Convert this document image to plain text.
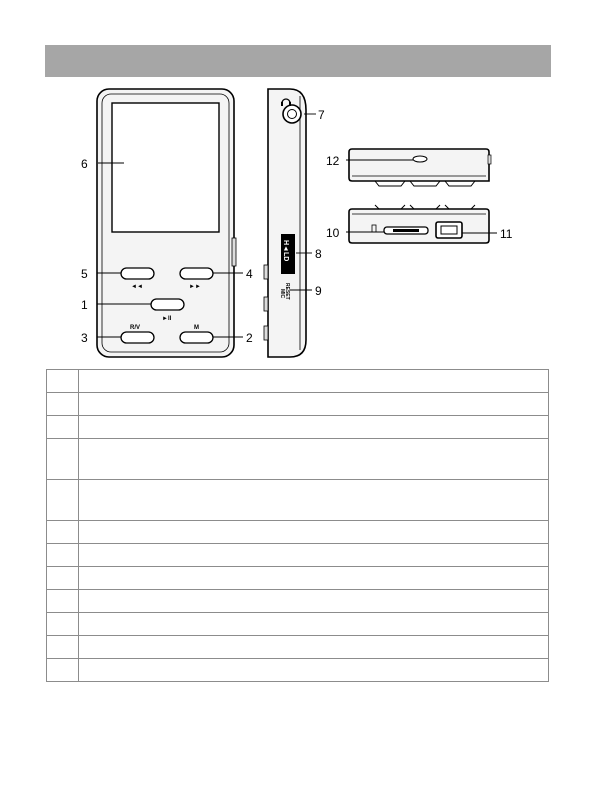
◄◄	►►
►II
R/V	M
H◄LD
RESET
MIC
1
2
3
4
5
6
7
8
9
10	11
12
